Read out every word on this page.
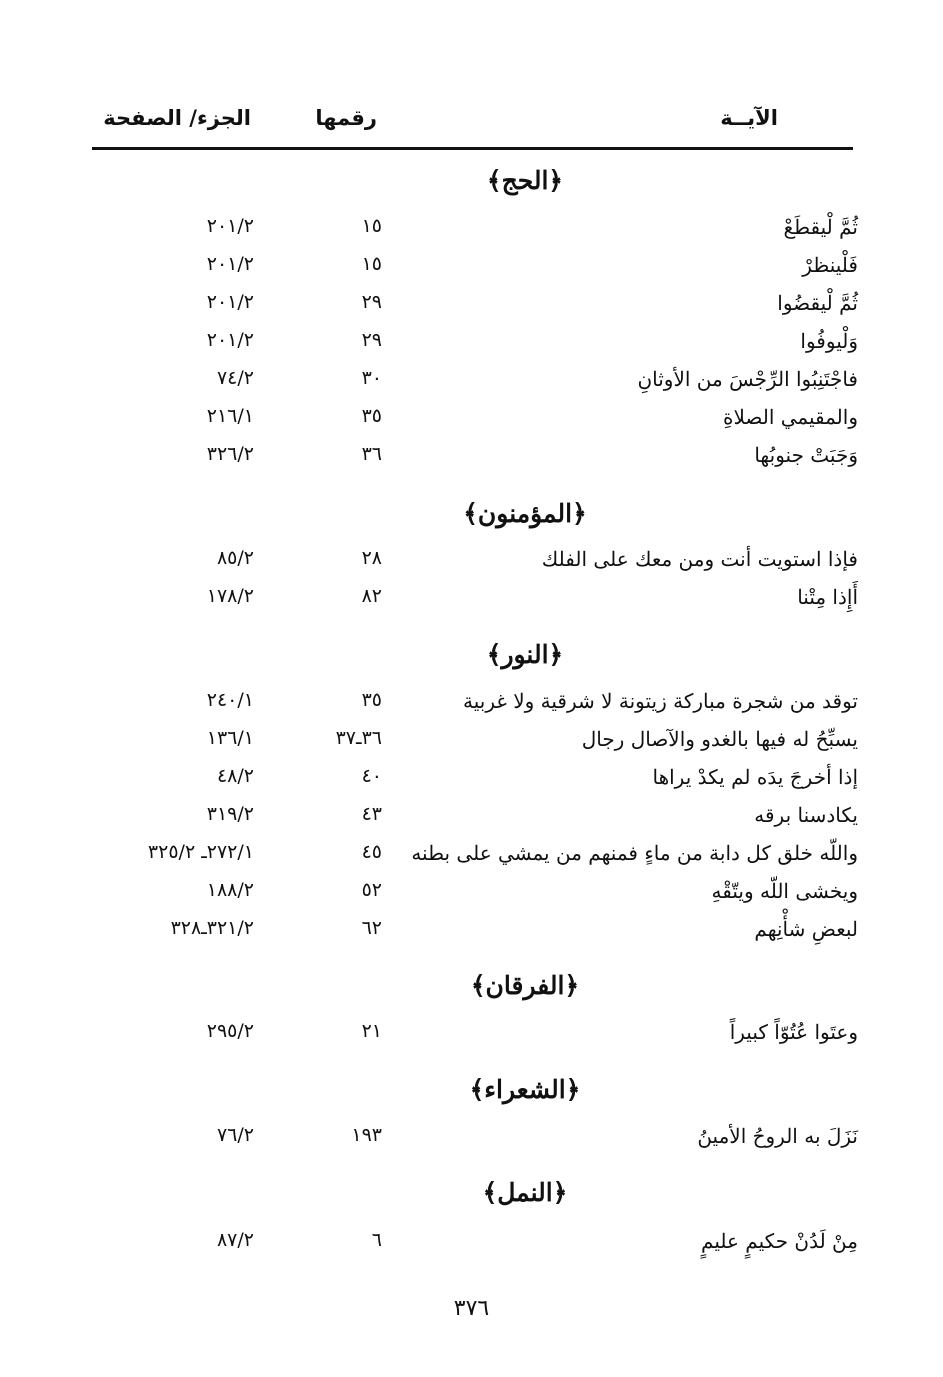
الآيــة
رقمها
الجزء/ الصفحة
﴿الحج﴾
ثُمَّ لْيقطَعْ
١٥
٢٠١/٢
فَلْينظرْ
١٥
٢٠١/٢
ثُمَّ لْيقضُوا
٢٩
٢٠١/٢
وَلْيوفُوا
٢٩
٢٠١/٢
فاجْتَنِبُوا الرِّجْسَ من الأوثانِ
٣٠
٧٤/٢
والمقيمي الصلاةِ
٣٥
٢١٦/١
وَجَبَتْ جنوبُها
٣٦
٣٢٦/٢
﴿المؤمنون﴾
فإذا استويت أنت ومن معك على الفلك
٢٨
٨٥/٢
أَإِذا مِتْنا
٨٢
١٧٨/٢
﴿النور﴾
توقد من شجرة مباركة زيتونة لا شرقية ولا غربية
٣٥
٢٤٠/١
يسبِّحُ له فيها بالغدو والآصال رجال
٣٦ـ٣٧
١٣٦/١
إذا أخرجَ يدَه لم يكدْ يراها
٤٠
٤٨/٢
يكادسنا برقه
٤٣
٣١٩/٢
واللّه خلق كل دابة من ماءٍ فمنهم من يمشي على بطنه
٤٥
٢٧٢/١ـ ٣٢٥/٢
ويخشى اللّه ويتّقْهِ
٥٢
١٨٨/٢
لبعضِ شأْنِهم
٦٢
٣٢١/٢ـ٣٢٨
﴿الفرقان﴾
وعتَوا عُتُوّاً كبيراً
٢١
٢٩٥/٢
﴿الشعراء﴾
نَزَلَ به الروحُ الأمينُ
١٩٣
٧٦/٢
﴿النمل﴾
مِنْ لَدُنْ حكيمٍ عليمٍ
٦
٨٧/٢
٣٧٦
